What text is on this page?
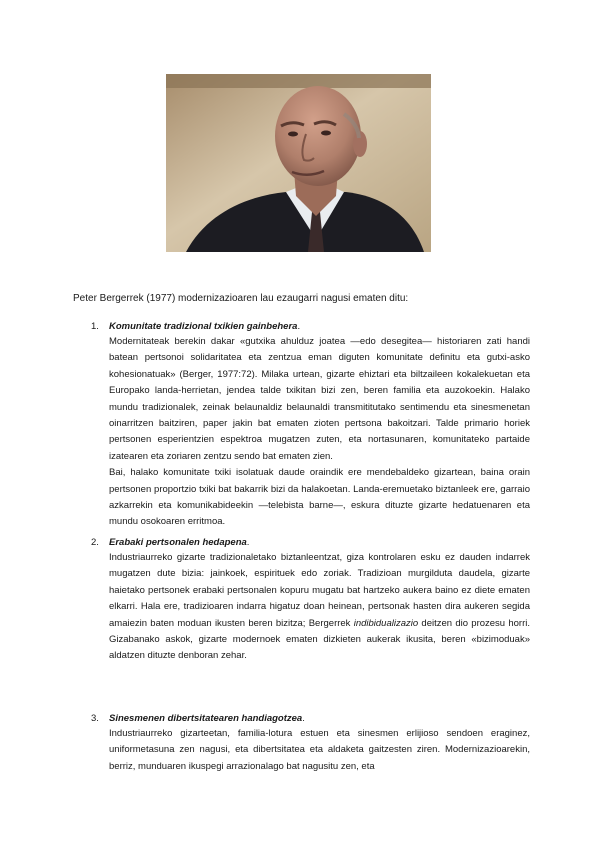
Peter Bergerrek (1977) modernizazioaren lau ezaugarri nagusi ematen ditu:

1.	Komunitate tradizional txikien gainbehera.

Modernitateak berekin dakar «gutxika ahulduz joatea —edo desegitea— historiaren zati handi batean pertsonoi solidaritatea eta zentzua eman diguten komunitate definitu eta gutxi-asko kohesionatuak» (Berger, 1977:72). Milaka urtean, gizarte ehiztari eta biltzaileen kokalekuetan eta Europako landa-herrietan, jendea talde txikitan bizi zen, beren familia eta auzokoekin. Halako mundu tradizionalek, zeinak belaunaldiz belaunaldi transmititutako sentimendu eta sinesmenetan oinarritzen baitziren, paper jakin bat ematen zioten pertsona bakoitzari. Talde primario horiek pertsonen esperientzien espektroa mugatzen zuten, eta nortasunaren, komunitateko partaide izatearen eta zoriaren zentzu sendo bat ematen zien.

Bai, halako komunitate txiki isolatuak daude oraindik ere mendebaldeko gizartean, baina orain pertsonen proportzio txiki bat bakarrik bizi da halakoetan. Landa-eremuetako biztanleek ere, garraio azkarrekin eta komunikabideekin —telebista barne—, eskura dituzte gizarte hedatuenaren eta mundu osokoaren erritmoa.

2.	Erabaki pertsonalen hedapena.

Industriaurreko gizarte tradizionaletako biztanleentzat, giza kontrolaren esku ez dauden indarrek mugatzen dute bizia: jainkoek, espirituek edo zoriak. Tradizioan murgilduta daudela, gizarte haietako pertsonek erabaki pertsonalen kopuru mugatu bat hartzeko aukera baino ez diete ematen elkarri. Hala ere, tradizioaren indarra higatuz doan heinean, pertsonak hasten dira aukeren segida amaiezin baten moduan ikusten beren bizitza; Bergerrek indibidualizazio deitzen dio prozesu horri. Gizabanako askok, gizarte modernoek ematen dizkieten aukerak ikusita, beren «bizimoduak» aldatzen dituzte denboran zehar.

3.	Sinesmenen dibertsitatearen handiagotzea.

Industriaurreko gizarteetan, familia-lotura estuen eta sinesmen erlijioso sendoen eraginez, uniformetasuna zen nagusi, eta dibertsitatea eta aldaketa gaitzesten ziren. Modernizazioarekin, berriz, munduaren ikuspegi arrazionalago bat nagusitu zen, eta
